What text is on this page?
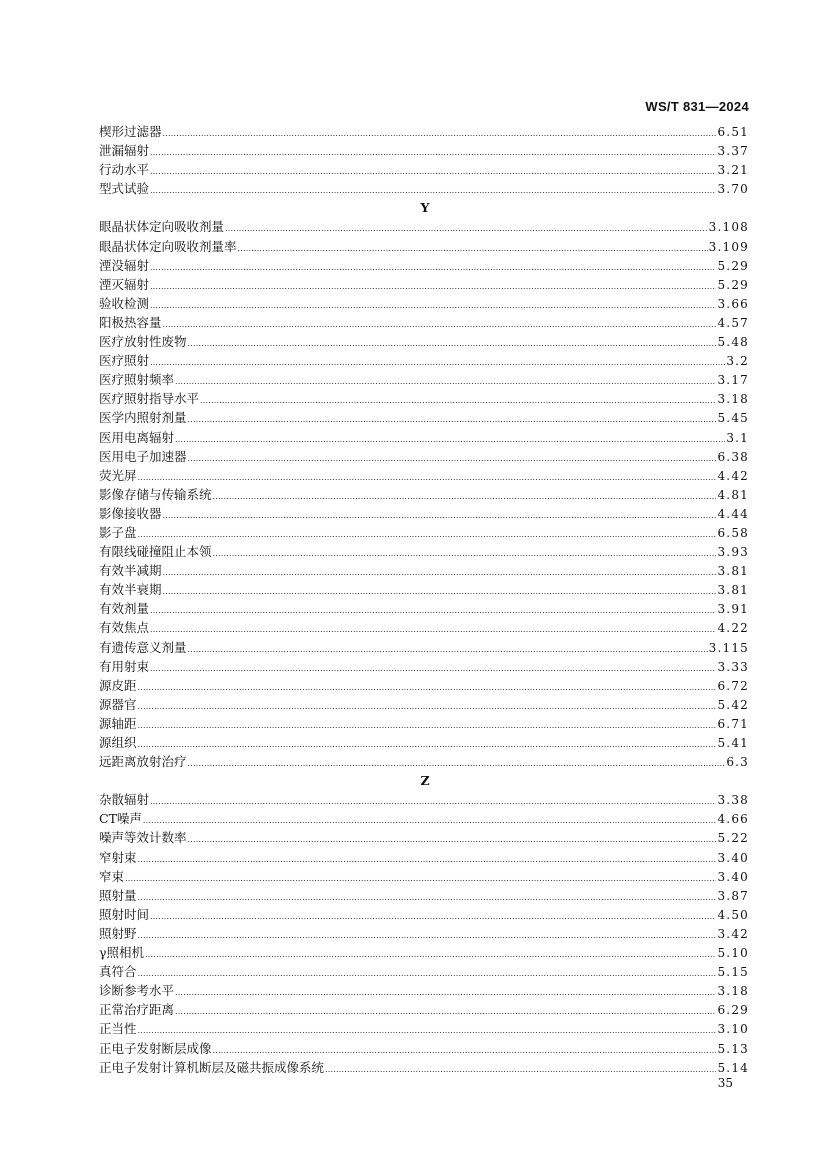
WS/T 831—2024
楔形过滤器 .....	6.51
泄漏辐射 .....	3.37
行动水平 .....	3.21
型式试验 .....	3.70
Y
眼晶状体定向吸收剂量 .....	3.108
眼晶状体定向吸收剂量率 .....	3.109
湮没辐射 .....	5.29
湮灭辐射 .....	5.29
验收检测 .....	3.66
阳极热容量 .....	4.57
医疗放射性废物 .....	5.48
医疗照射 .....	3.2
医疗照射频率 .....	3.17
医疗照射指导水平 .....	3.18
医学内照射剂量 .....	5.45
医用电离辐射 .....	3.1
医用电子加速器 .....	6.38
荧光屏 .....	4.42
影像存储与传输系统 .....	4.81
影像接收器 .....	4.44
影子盘 .....	6.58
有限线碰撞阻止本领 .....	3.93
有效半减期 .....	3.81
有效半衰期 .....	3.81
有效剂量 .....	3.91
有效焦点 .....	4.22
有遗传意义剂量 .....	3.115
有用射束 .....	3.33
源皮距 .....	6.72
源器官 .....	5.42
源轴距 .....	6.71
源组织 .....	5.41
远距离放射治疗 .....	6.3
Z
杂散辐射 .....	3.38
CT噪声 .....	4.66
噪声等效计数率 .....	5.22
窄射束 .....	3.40
窄束 .....	3.40
照射量 .....	3.87
照射时间 .....	4.50
照射野 .....	3.42
γ照相机 .....	5.10
真符合 .....	5.15
诊断参考水平 .....	3.18
正常治疗距离 .....	6.29
正当性 .....	3.10
正电子发射断层成像 .....	5.13
正电子发射计算机断层及磁共振成像系统 .....	5.14
35
